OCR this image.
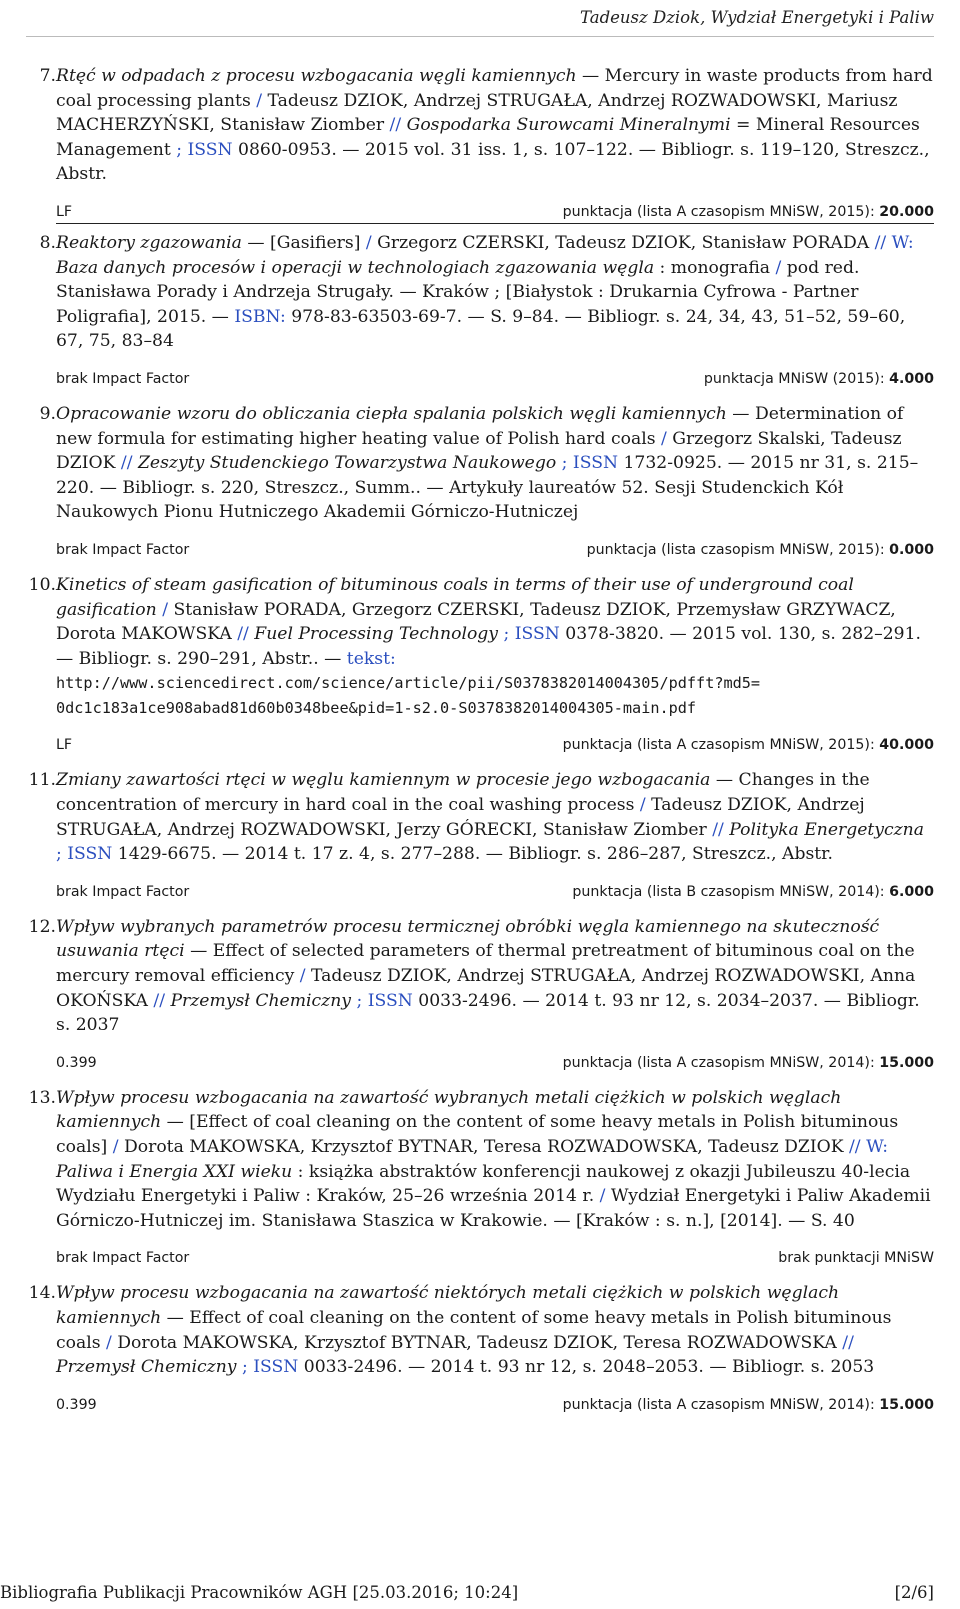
Tadeusz Dziok, Wydział Energetyki i Paliw
7. Rtęć w odpadach z procesu wzbogacania węgli kamiennych — Mercury in waste products from hard coal processing plants / Tadeusz DZIOK, Andrzej STRUGAŁA, Andrzej ROZWADOWSKI, Mariusz MACHERZYŃSKI, Stanisław Ziomber // Gospodarka Surowcami Mineralnymi = Mineral Resources Management ; ISSN 0860-0953. — 2015 vol. 31 iss. 1, s. 107–122. — Bibliogr. s. 119–120, Streszcz., Abstr.
LF	punktacja (lista A czasopism MNiSW, 2015): 20.000
8. Reaktory zgazowania — [Gasifiers] / Grzegorz CZERSKI, Tadeusz DZIOK, Stanisław PORADA // W: Baza danych procesów i operacji w technologiach zgazowania węgla : monografia / pod red. Stanisława Porady i Andrzeja Strugały. — Kraków ; [Białystok : Drukarnia Cyfrowa - Partner Poligrafia], 2015. — ISBN: 978-83-63503-69-7. — S. 9–84. — Bibliogr. s. 24, 34, 43, 51–52, 59–60, 67, 75, 83–84
brak Impact Factor	punktacja MNiSW (2015): 4.000
9. Opracowanie wzoru do obliczania ciepła spalania polskich węgli kamiennych — Determination of new formula for estimating higher heating value of Polish hard coals / Grzegorz Skalski, Tadeusz DZIOK // Zeszyty Studenckiego Towarzystwa Naukowego ; ISSN 1732-0925. — 2015 nr 31, s. 215–220. — Bibliogr. s. 220, Streszcz., Summ.. — Artykuły laureatów 52. Sesji Studenckich Kół Naukowych Pionu Hutniczego Akademii Górniczo-Hutniczej
brak Impact Factor	punktacja (lista czasopism MNiSW, 2015): 0.000
10. Kinetics of steam gasification of bituminous coals in terms of their use of underground coal gasification / Stanisław PORADA, Grzegorz CZERSKI, Tadeusz DZIOK, Przemysław GRZYWACZ, Dorota MAKOWSKA // Fuel Processing Technology ; ISSN 0378-3820. — 2015 vol. 130, s. 282–291. — Bibliogr. s. 290–291, Abstr.. — tekst: http://www.sciencedirect.com/science/article/pii/S0378382014004305/pdfft?md5= 0dc1c183a1ce908abad81d60b0348bee&pid=1-s2.0-S0378382014004305-main.pdf
LF	punktacja (lista A czasopism MNiSW, 2015): 40.000
11. Zmiany zawartości rtęci w węglu kamiennym w procesie jego wzbogacania — Changes in the concentration of mercury in hard coal in the coal washing process / Tadeusz DZIOK, Andrzej STRUGAŁA, Andrzej ROZWADOWSKI, Jerzy GÓRECKI, Stanisław Ziomber // Polityka Energetyczna ; ISSN 1429-6675. — 2014 t. 17 z. 4, s. 277–288. — Bibliogr. s. 286–287, Streszcz., Abstr.
brak Impact Factor	punktacja (lista B czasopism MNiSW, 2014): 6.000
12. Wpływ wybranych parametrów procesu termicznej obróbki węgla kamiennego na skuteczność usuwania rtęci — Effect of selected parameters of thermal pretreatment of bituminous coal on the mercury removal efficiency / Tadeusz DZIOK, Andrzej STRUGAŁA, Andrzej ROZWADOWSKI, Anna OKOŃSKA // Przemysł Chemiczny ; ISSN 0033-2496. — 2014 t. 93 nr 12, s. 2034–2037. — Bibliogr. s. 2037
0.399	punktacja (lista A czasopism MNiSW, 2014): 15.000
13. Wpływ procesu wzbogacania na zawartość wybranych metali ciężkich w polskich węglach kamiennych — [Effect of coal cleaning on the content of some heavy metals in Polish bituminous coals] / Dorota MAKOWSKA, Krzysztof BYTNAR, Teresa ROZWADOWSKA, Tadeusz DZIOK // W: Paliwa i Energia XXI wieku : książka abstraktów konferencji naukowej z okazji Jubileuszu 40-lecia Wydziału Energetyki i Paliw : Kraków, 25–26 września 2014 r. / Wydział Energetyki i Paliw Akademii Górniczo-Hutniczej im. Stanisława Staszica w Krakowie. — [Kraków : s. n.], [2014]. — S. 40
brak Impact Factor	brak punktacji MNiSW
14. Wpływ procesu wzbogacania na zawartość niektórych metali ciężkich w polskich węglach kamiennych — Effect of coal cleaning on the content of some heavy metals in Polish bituminous coals / Dorota MAKOWSKA, Krzysztof BYTNAR, Tadeusz DZIOK, Teresa ROZWADOWSKA // Przemysł Chemiczny ; ISSN 0033-2496. — 2014 t. 93 nr 12, s. 2048–2053. — Bibliogr. s. 2053
0.399	punktacja (lista A czasopism MNiSW, 2014): 15.000
Bibliografia Publikacji Pracowników AGH [25.03.2016; 10:24]	[2/6]
